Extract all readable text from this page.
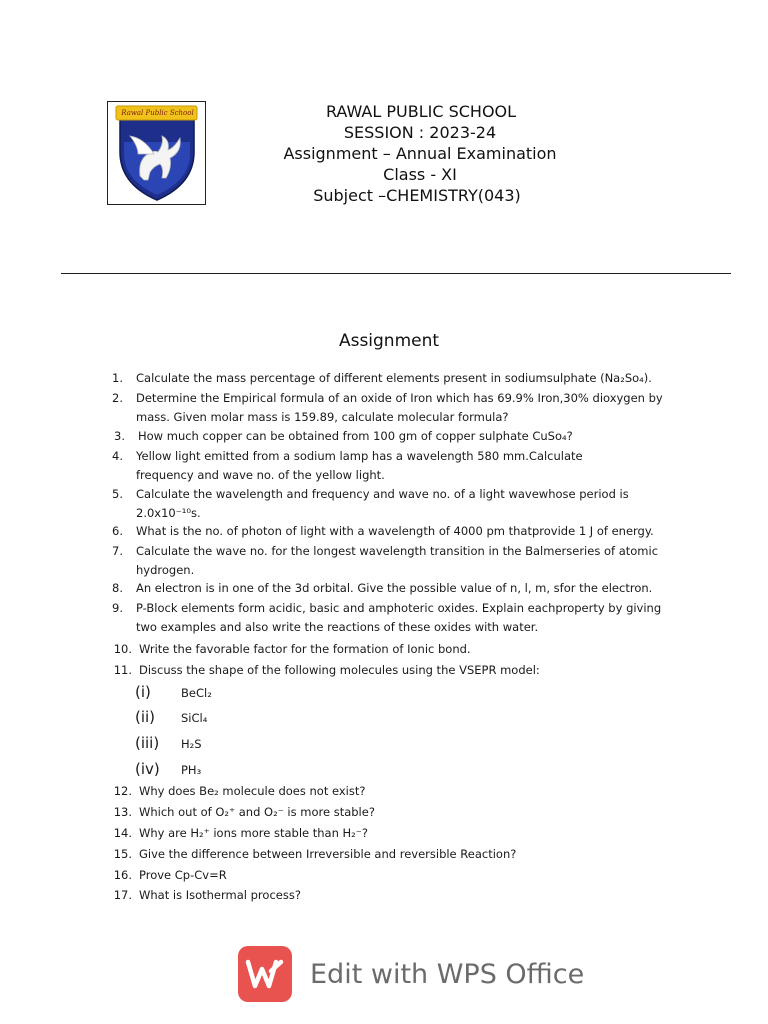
Rawal Public School	RAWAL PUBLIC SCHOOL
SESSION : 2023-24
Assignment – Annual Examination
Class - XI
Subject –CHEMISTRY(043)
Assignment
1. Calculate the mass percentage of different elements present in sodiumsulphate (Na₂So₄).
2. Determine the Empirical formula of an oxide of Iron which has 69.9% Iron,30% dioxygen by
mass. Given molar mass is 159.89, calculate molecular formula?
3. How much copper can be obtained from 100 gm of copper sulphate CuSo₄?
4. Yellow light emitted from a sodium lamp has a wavelength 580 mm.Calculate
frequency and wave no. of the yellow light.
5. Calculate the wavelength and frequency and wave no. of a light wavewhose period is
2.0x10⁻¹⁰s.
6. What is the no. of photon of light with a wavelength of 4000 pm thatprovide 1 J of energy.
7. Calculate the wave no. for the longest wavelength transition in the Balmerseries of atomic
hydrogen.
8. An electron is in one of the 3d orbital. Give the possible value of n, l, m, sfor the electron.
9. P-Block elements form acidic, basic and amphoteric oxides. Explain eachproperty by giving
two examples and also write the reactions of these oxides with water.
10. Write the favorable factor for the formation of Ionic bond.
11. Discuss the shape of the following molecules using the VSEPR model:
(i)	BeCl₂
(ii) SiCl₄
(iii) H₂S
(iv) PH₃
12. Why does Be₂ molecule does not exist?
13. Which out of O₂⁺ and O₂⁻ is more stable?
14. Why are H₂⁺ ions more stable than H₂⁻?
15. Give the difference between Irreversible and reversible Reaction?
16. Prove Cp-Cv=R
17. What is Isothermal process?
Edit with WPS Office
